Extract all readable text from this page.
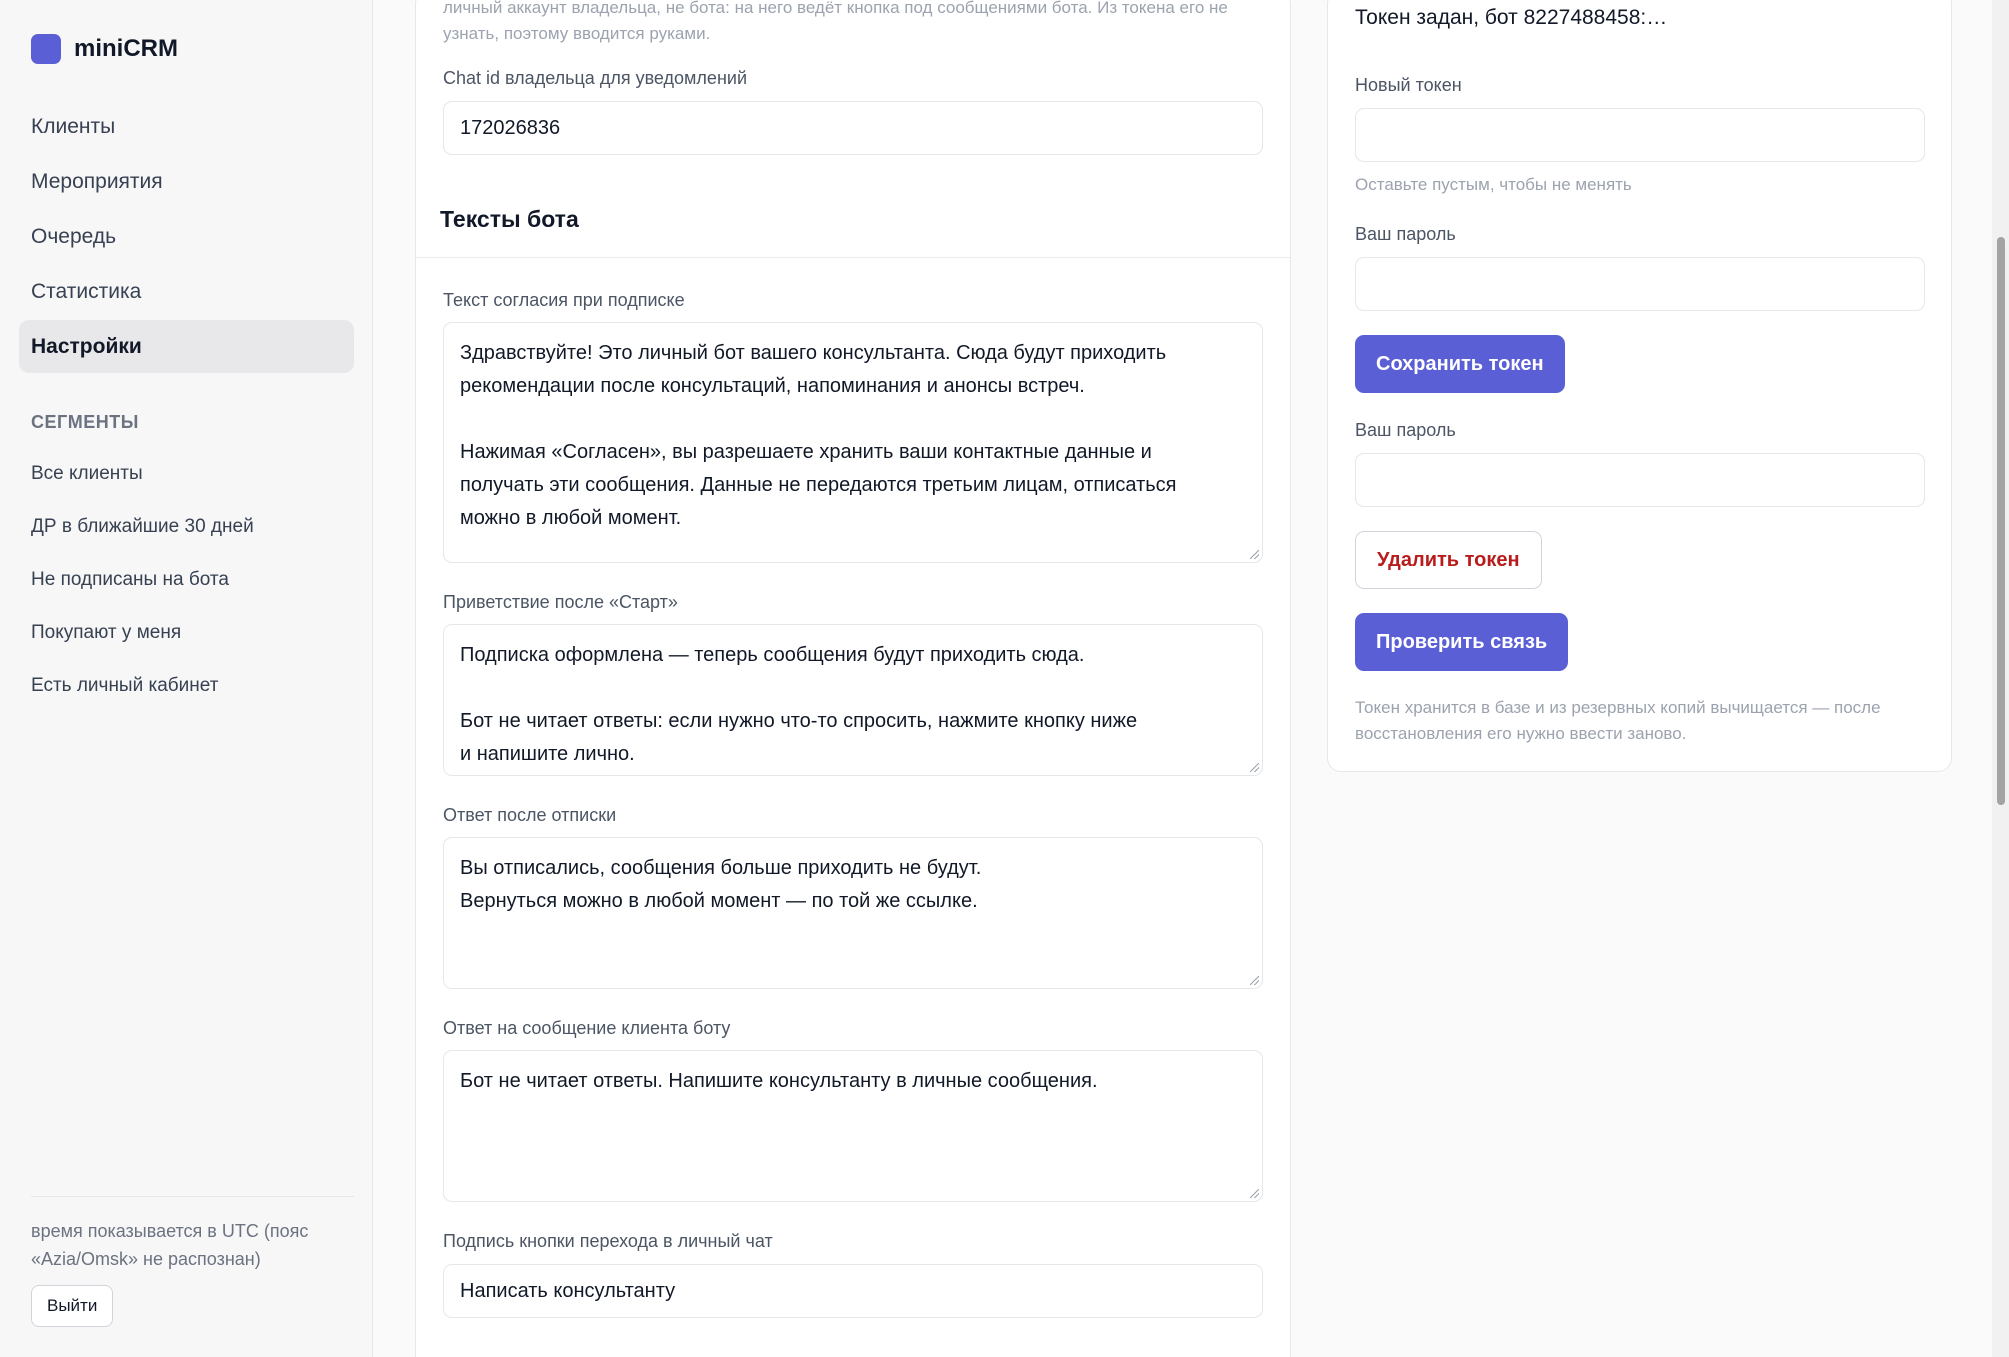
miniCRM
Клиенты
Мероприятия
Очередь
Статистика
Настройки
СЕГМЕНТЫ
Все клиенты
ДР в ближайшие 30 дней
Не подписаны на бота
Покупают у меня
Есть личный кабинет
время показывается в UTC (пояс «Azia/Omsk» не распознан)
Выйти
личный аккаунт владельца, не бота: на него ведёт кнопка под сообщениями бота. Из токена его не узнать, поэтому вводится руками.
Chat id владельца для уведомлений
172026836
Тексты бота
Текст согласия при подписке
Здравствуйте! Это личный бот вашего консультанта. Сюда будут приходить
рекомендации после консультаций, напоминания и анонсы встреч.

Нажимая «Согласен», вы разрешаете хранить ваши контактные данные и
получать эти сообщения. Данные не передаются третьим лицам, отписаться
можно в любой момент.
Приветствие после «Старт»
Подписка оформлена — теперь сообщения будут приходить сюда.

Бот не читает ответы: если нужно что-то спросить, нажмите кнопку ниже
и напишите лично.
Ответ после отписки
Вы отписались, сообщения больше приходить не будут.
Вернуться можно в любой момент — по той же ссылке.
Ответ на сообщение клиента боту
Бот не читает ответы. Напишите консультанту в личные сообщения.
Подпись кнопки перехода в личный чат
Написать консультанту
Токен задан, бот 8227488458:…
Новый токен
Оставьте пустым, чтобы не менять
Ваш пароль
Сохранить токен
Ваш пароль
Удалить токен
Проверить связь
Токен хранится в базе и из резервных копий вычищается — после восстановления его нужно ввести заново.
